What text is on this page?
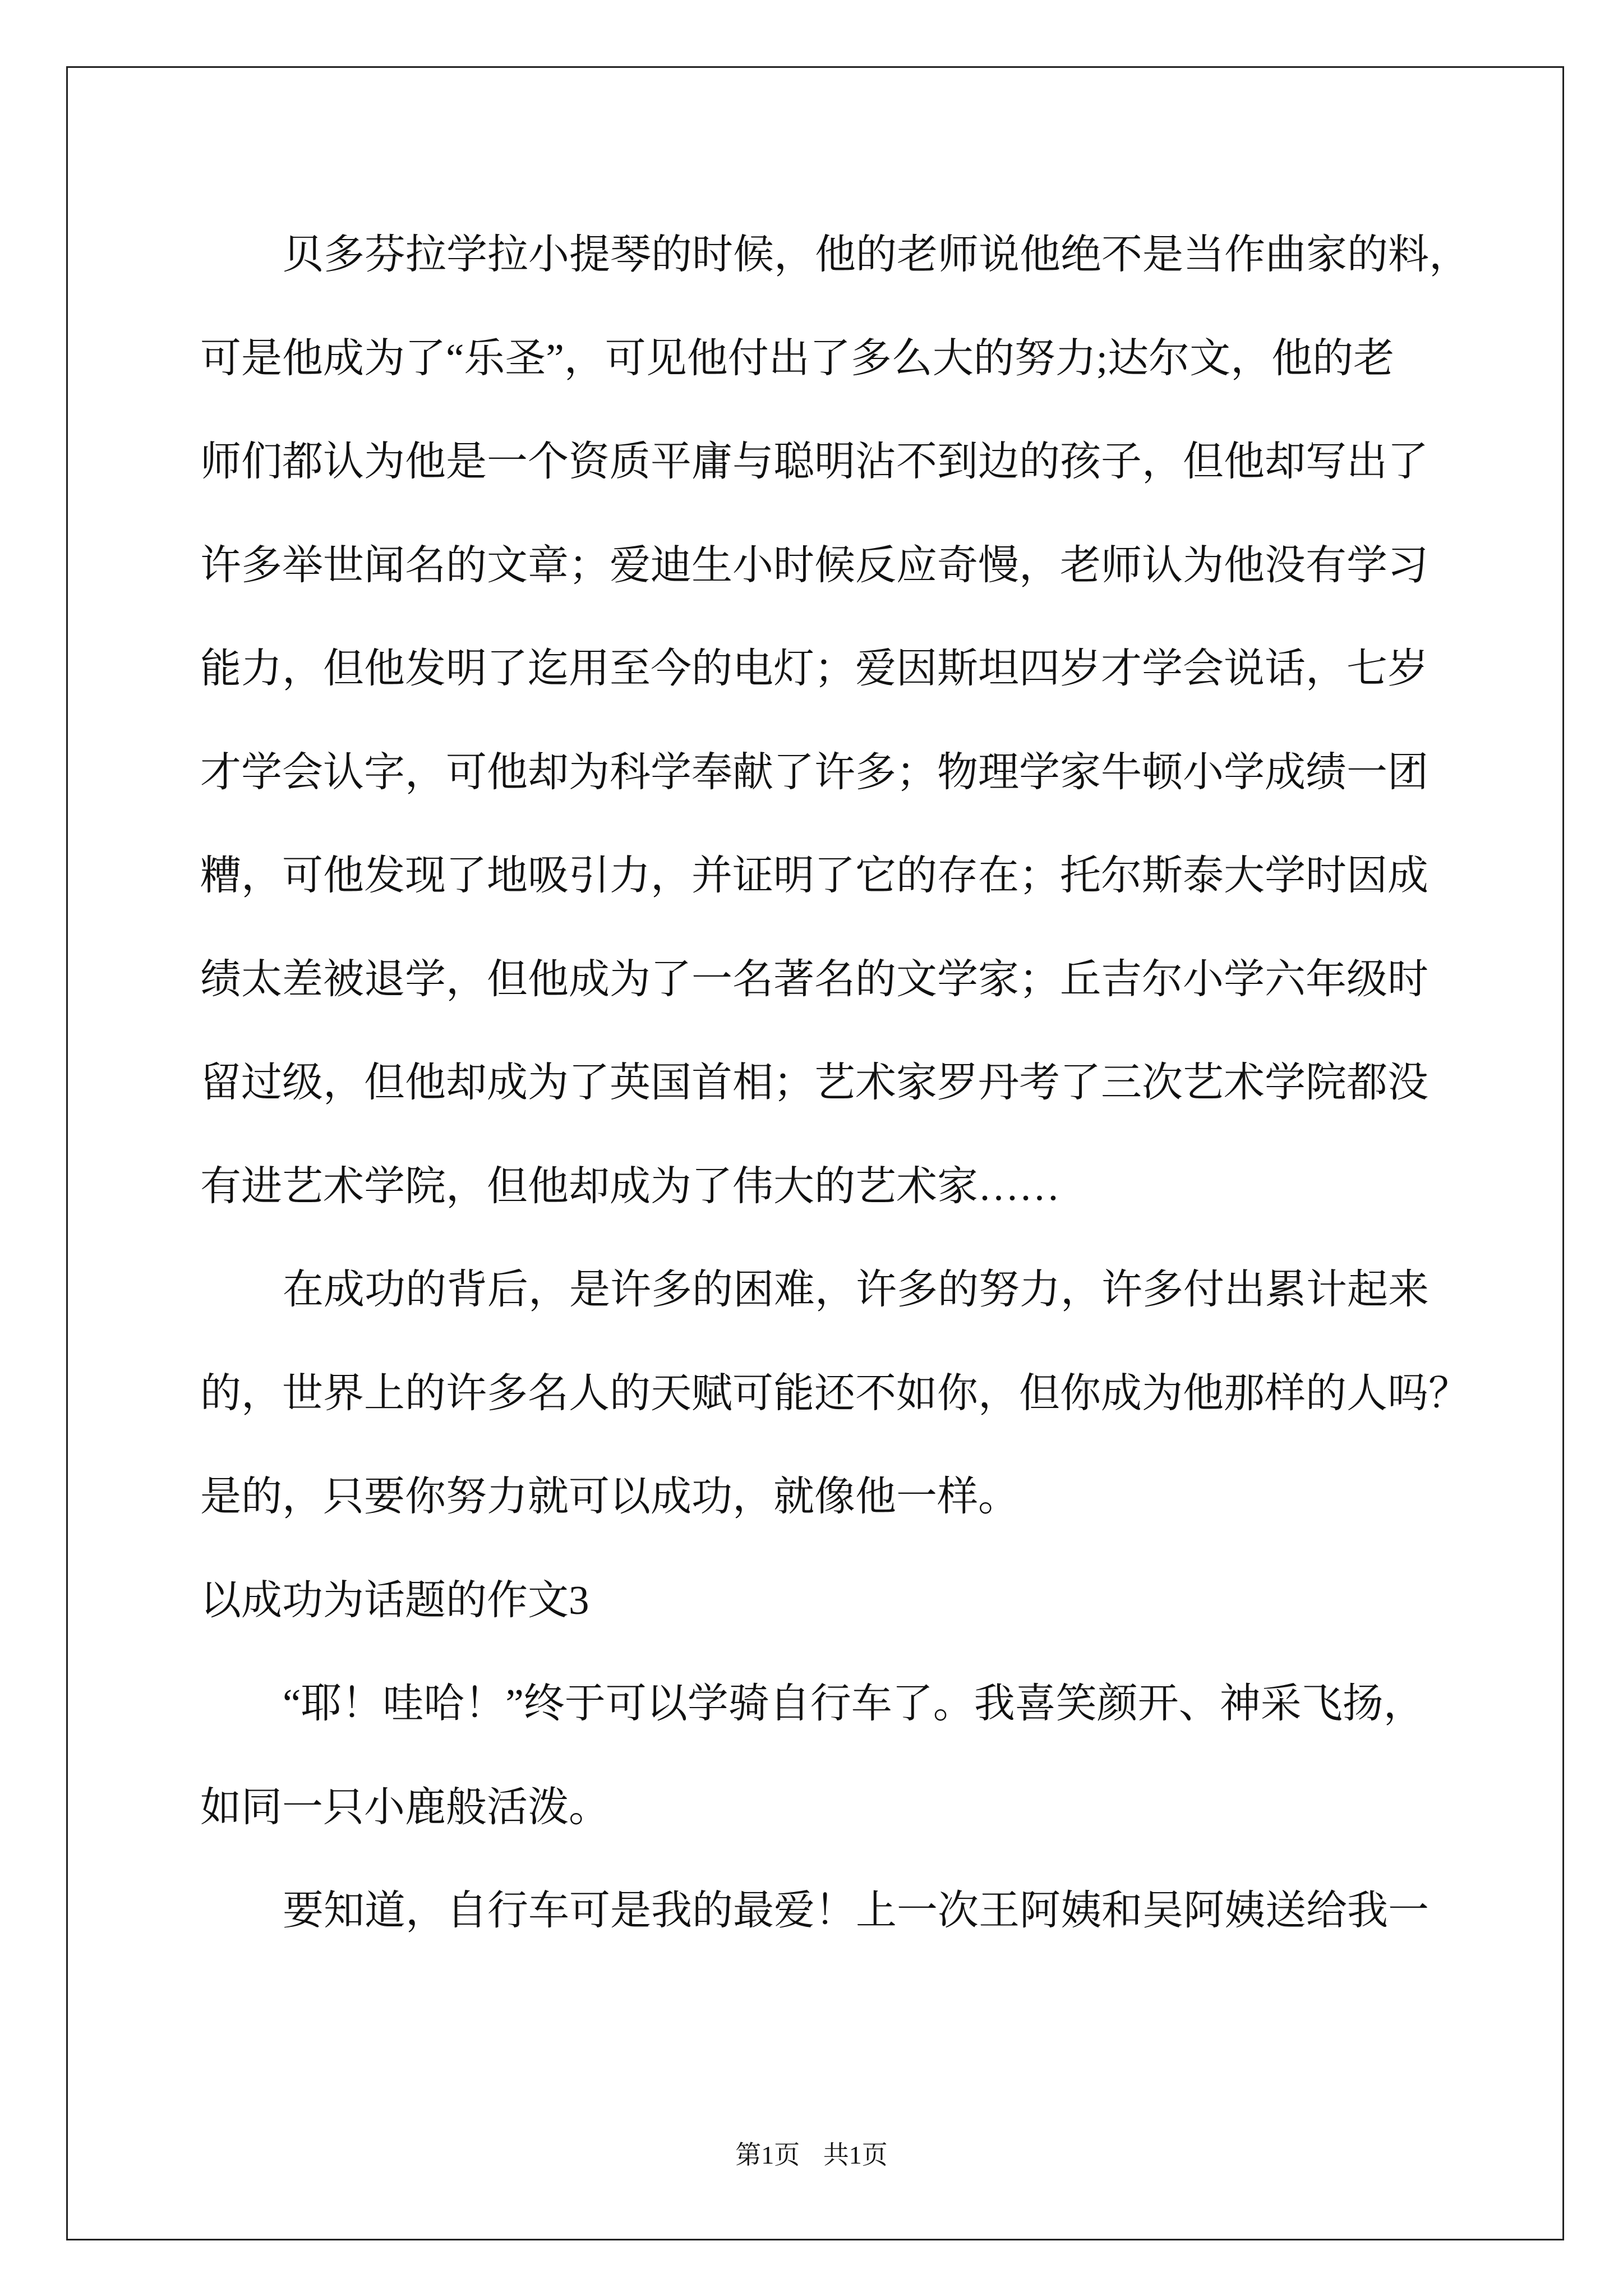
贝多芬拉学拉小提琴的时候，他的老师说他绝不是当作曲家的料，
可是他成为了“乐圣”，可见他付出了多么大的努力;达尔文，他的老
师们都认为他是一个资质平庸与聪明沾不到边的孩子，但他却写出了
许多举世闻名的文章；爱迪生小时候反应奇慢，老师认为他没有学习
能力，但他发明了迄用至今的电灯；爱因斯坦四岁才学会说话，七岁
才学会认字，可他却为科学奉献了许多；物理学家牛顿小学成绩一团
糟，可他发现了地吸引力，并证明了它的存在；托尔斯泰大学时因成
绩太差被退学，但他成为了一名著名的文学家；丘吉尔小学六年级时
留过级，但他却成为了英国首相；艺术家罗丹考了三次艺术学院都没
有进艺术学院，但他却成为了伟大的艺术家……
在成功的背后，是许多的困难，许多的努力，许多付出累计起来
的，世界上的许多名人的天赋可能还不如你，但你成为他那样的人吗？
是的，只要你努力就可以成功，就像他一样。
以成功为话题的作文3
“耶！哇哈！”终于可以学骑自行车了。我喜笑颜开、神采飞扬，
如同一只小鹿般活泼。
要知道，自行车可是我的最爱！上一次王阿姨和吴阿姨送给我一
第1页 共1页
